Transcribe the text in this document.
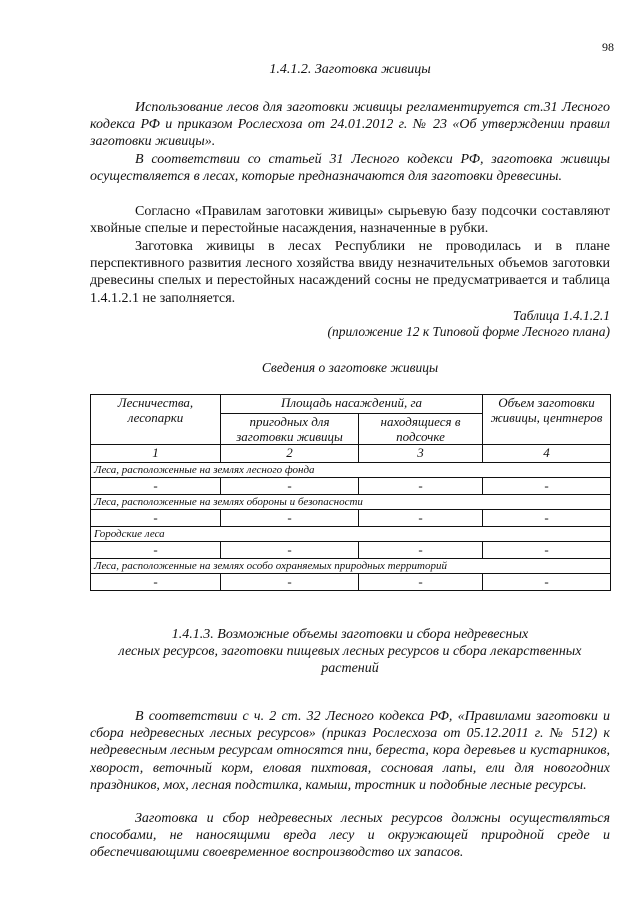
98
1.4.1.2. Заготовка живицы

Использование лесов для заготовки живицы регламентируется ст.31 Лесного кодекса РФ и приказом Рослесхоза от 24.01.2012 г. № 23 «Об утверждении правил заготовки живицы».

В соответствии со статьей 31 Лесного кодекси РФ, заготовка живицы осуществляется в лесах, которые предназначаются для заготовки древесины.

Согласно «Правилам заготовки живицы» сырьевую базу подсочки составляют хвойные спелые и перестойные насаждения, назначенные в рубки.

Заготовка живицы в лесах Республики не проводилась и в плане перспективного развития лесного хозяйства ввиду незначительных объемов заготовки древесины спелых и перестойных насаждений сосны не предусматривается и таблица 1.4.1.2.1 не заполняется.

Таблица 1.4.1.2.1
(приложение 12 к Типовой форме Лесного плана)
Сведения о заготовке живицы
Лесничества, лесопарки	Площадь насаждений, га		Объем заготовки живицы, центнеров
	пригодных для заготовки живицы	находящиеся в подсочке	
1	2	3	4
Леса, расположенные на землях лесного фонда			
-	-	-	-
Леса, расположенные на землях обороны и безопасности			
-	-	-	-
Городские леса			
-	-	-	-
Леса, расположенные на землях особо охраняемых природных территорий			
-	-	-	-
1.4.1.3. Возможные объемы заготовки и сбора недревесных
лесных ресурсов, заготовки пищевых лесных ресурсов и сбора лекарственных
растений

В соответствии с ч. 2 ст. 32 Лесного кодекса РФ, «Правилами заготовки и сбора недревесных лесных ресурсов» (приказ Рослесхоза от 05.12.2011 г. № 512) к недревесным лесным ресурсам относятся пни, береста, кора деревьев и кустарников, хворост, веточный корм, еловая пихтовая, сосновая лапы, ели для новогодних праздников, мох, лесная подстилка, камыш, тростник и подобные лесные ресурсы.

Заготовка и сбор недревесных лесных ресурсов должны осуществляться способами, не наносящими вреда лесу и окружающей природной среде и обеспечивающими своевременное воспроизводство их запасов.
